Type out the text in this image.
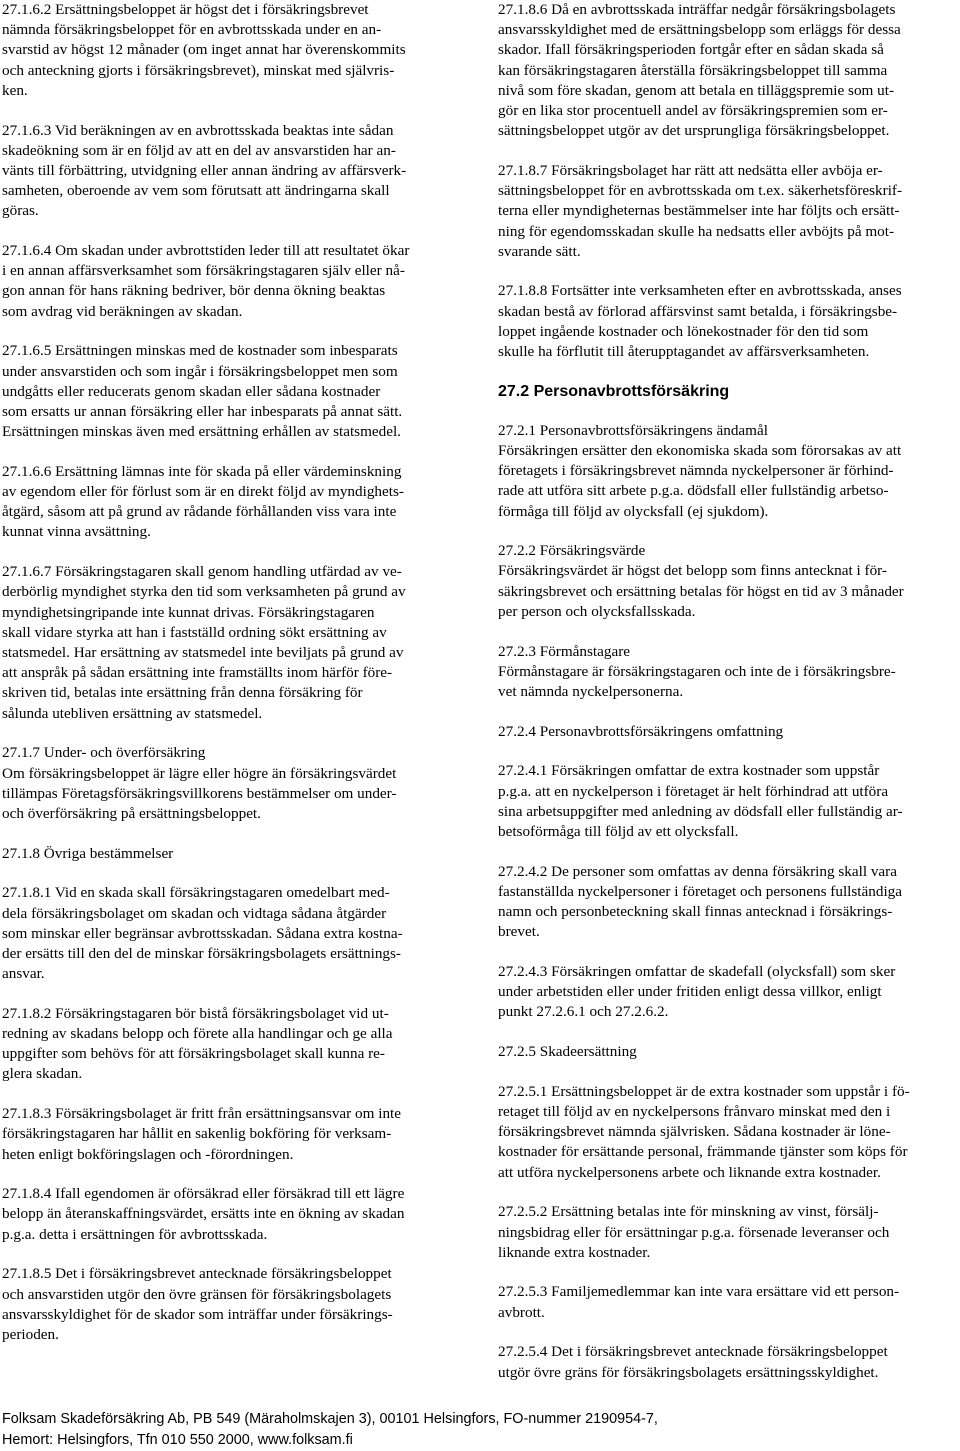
27.1.6.2 Ersättningsbeloppet är högst det i försäkringsbrevet
nämnda försäkringsbeloppet för en avbrottsskada under en an-
svarstid av högst 12 månader (om inget annat har överenskommits
och anteckning gjorts i försäkringsbrevet), minskat med självris-
ken.

27.1.6.3 Vid beräkningen av en avbrottsskada beaktas inte sådan
skadeökning som är en följd av att en del av ansvarstiden har an-
vänts till förbättring, utvidgning eller annan ändring av affärsverk-
samheten, oberoende av vem som förutsatt att ändringarna skall
göras.

27.1.6.4 Om skadan under avbrottstiden leder till att resultatet ökar
i en annan affärsverksamhet som försäkringstagaren själv eller nå-
gon annan för hans räkning bedriver, bör denna ökning beaktas
som avdrag vid beräkningen av skadan.

27.1.6.5 Ersättningen minskas med de kostnader som inbesparats
under ansvarstiden och som ingår i försäkringsbeloppet men som
undgåtts eller reducerats genom skadan eller sådana kostnader
som ersatts ur annan försäkring eller har inbesparats på annat sätt.
Ersättningen minskas även med ersättning erhållen av statsmedel.

27.1.6.6 Ersättning lämnas inte för skada på eller värdeminskning
av egendom eller för förlust som är en direkt följd av myndighets-
åtgärd, såsom att på grund av rådande förhållanden viss vara inte
kunnat vinna avsättning.

27.1.6.7 Försäkringstagaren skall genom handling utfärdad av ve-
derbörlig myndighet styrka den tid som verksamheten på grund av
myndighetsingripande inte kunnat drivas. Försäkringstagaren
skall vidare styrka att han i fastställd ordning sökt ersättning av
statsmedel. Har ersättning av statsmedel inte beviljats på grund av
att anspråk på sådan ersättning inte framställts inom härför före-
skriven tid, betalas inte ersättning från denna försäkring för
sålunda utebliven ersättning av statsmedel.

27.1.7 Under- och överförsäkring
Om försäkringsbeloppet är lägre eller högre än försäkringsvärdet
tillämpas Företagsförsäkringsvillkorens bestämmelser om under-
och överförsäkring på ersättningsbeloppet.

27.1.8 Övriga bestämmelser

27.1.8.1 Vid en skada skall försäkringstagaren omedelbart med-
dela försäkringsbolaget om skadan och vidtaga sådana åtgärder
som minskar eller begränsar avbrottsskadan. Sådana extra kostna-
der ersätts till den del de minskar försäkringsbolagets ersättnings-
ansvar.

27.1.8.2 Försäkringstagaren bör bistå försäkringsbolaget vid ut-
redning av skadans belopp och förete alla handlingar och ge alla
uppgifter som behövs för att försäkringsbolaget skall kunna re-
glera skadan.

27.1.8.3 Försäkringsbolaget är fritt från ersättningsansvar om inte
försäkringstagaren har hållit en sakenlig bokföring för verksam-
heten enligt bokföringslagen och -förordningen.

27.1.8.4 Ifall egendomen är oförsäkrad eller försäkrad till ett lägre
belopp än återanskaffningsvärdet, ersätts inte en ökning av skadan
p.g.a. detta i ersättningen för avbrottsskada.

27.1.8.5 Det i försäkringsbrevet antecknade försäkringsbeloppet
och ansvarstiden utgör den övre gränsen för försäkringsbolagets
ansvarsskyldighet för de skador som inträffar under försäkrings-
perioden.

27.1.8.6 Då en avbrottsskada inträffar nedgår försäkringsbolagets
ansvarsskyldighet med de ersättningsbelopp som erläggs för dessa
skador. Ifall försäkringsperioden fortgår efter en sådan skada så
kan försäkringstagaren återställa försäkringsbeloppet till samma
nivå som före skadan, genom att betala en tilläggspremie som ut-
gör en lika stor procentuell andel av försäkringspremien som er-
sättningsbeloppet utgör av det ursprungliga försäkringsbeloppet.

27.1.8.7 Försäkringsbolaget har rätt att nedsätta eller avböja er-
sättningsbeloppet för en avbrottsskada om t.ex. säkerhetsföreskrif-
terna eller myndigheternas bestämmelser inte har följts och ersätt-
ning för egendomsskadan skulle ha nedsatts eller avböjts på mot-
svarande sätt.

27.1.8.8 Fortsätter inte verksamheten efter en avbrottsskada, anses
skadan bestå av förlorad affärsvinst samt betalda, i försäkringsbe-
loppet ingående kostnader och lönekostnader för den tid som
skulle ha förflutit till återupptagandet av affärsverksamheten.

27.2 Personavbrottsförsäkring

27.2.1 Personavbrottsförsäkringens ändamål
Försäkringen ersätter den ekonomiska skada som förorsakas av att
företagets i försäkringsbrevet nämnda nyckelpersoner är förhind-
rade att utföra sitt arbete p.g.a. dödsfall eller fullständig arbetso-
förmåga till följd av olycksfall (ej sjukdom).

27.2.2 Försäkringsvärde
Försäkringsvärdet är högst det belopp som finns antecknat i för-
säkringsbrevet och ersättning betalas för högst en tid av 3 månader
per person och olycksfallsskada.

27.2.3 Förmånstagare
Förmånstagare är försäkringstagaren och inte de i försäkringsbre-
vet nämnda nyckelpersonerna.

27.2.4 Personavbrottsförsäkringens omfattning

27.2.4.1 Försäkringen omfattar de extra kostnader som uppstår
p.g.a. att en nyckelperson i företaget är helt förhindrad att utföra
sina arbetsuppgifter med anledning av dödsfall eller fullständig ar-
betsoförmåga till följd av ett olycksfall.

27.2.4.2 De personer som omfattas av denna försäkring skall vara
fastanställda nyckelpersoner i företaget och personens fullständiga
namn och personbeteckning skall finnas antecknad i försäkrings-
brevet.

27.2.4.3 Försäkringen omfattar de skadefall (olycksfall) som sker
under arbetstiden eller under fritiden enligt dessa villkor, enligt
punkt 27.2.6.1 och 27.2.6.2.

27.2.5 Skadeersättning

27.2.5.1 Ersättningsbeloppet är de extra kostnader som uppstår i fö-
retaget till följd av en nyckelpersons frånvaro minskat med den i
försäkringsbrevet nämnda självrisken. Sådana kostnader är löne-
kostnader för ersättande personal, främmande tjänster som köps för
att utföra nyckelpersonens arbete och liknande extra kostnader.

27.2.5.2 Ersättning betalas inte för minskning av vinst, försälj-
ningsbidrag eller för ersättningar p.g.a. försenade leveranser och
liknande extra kostnader.

27.2.5.3 Familjemedlemmar kan inte vara ersättare vid ett person-
avbrott.

27.2.5.4 Det i försäkringsbrevet antecknade försäkringsbeloppet
utgör övre gräns för försäkringsbolagets ersättningsskyldighet.

Folksam Skadeförsäkring Ab, PB 549 (Märaholmskajen 3), 00101 Helsingfors, FO-nummer 2190954-7,
Hemort: Helsingfors, Tfn 010 550 2000, www.folksam.fi
